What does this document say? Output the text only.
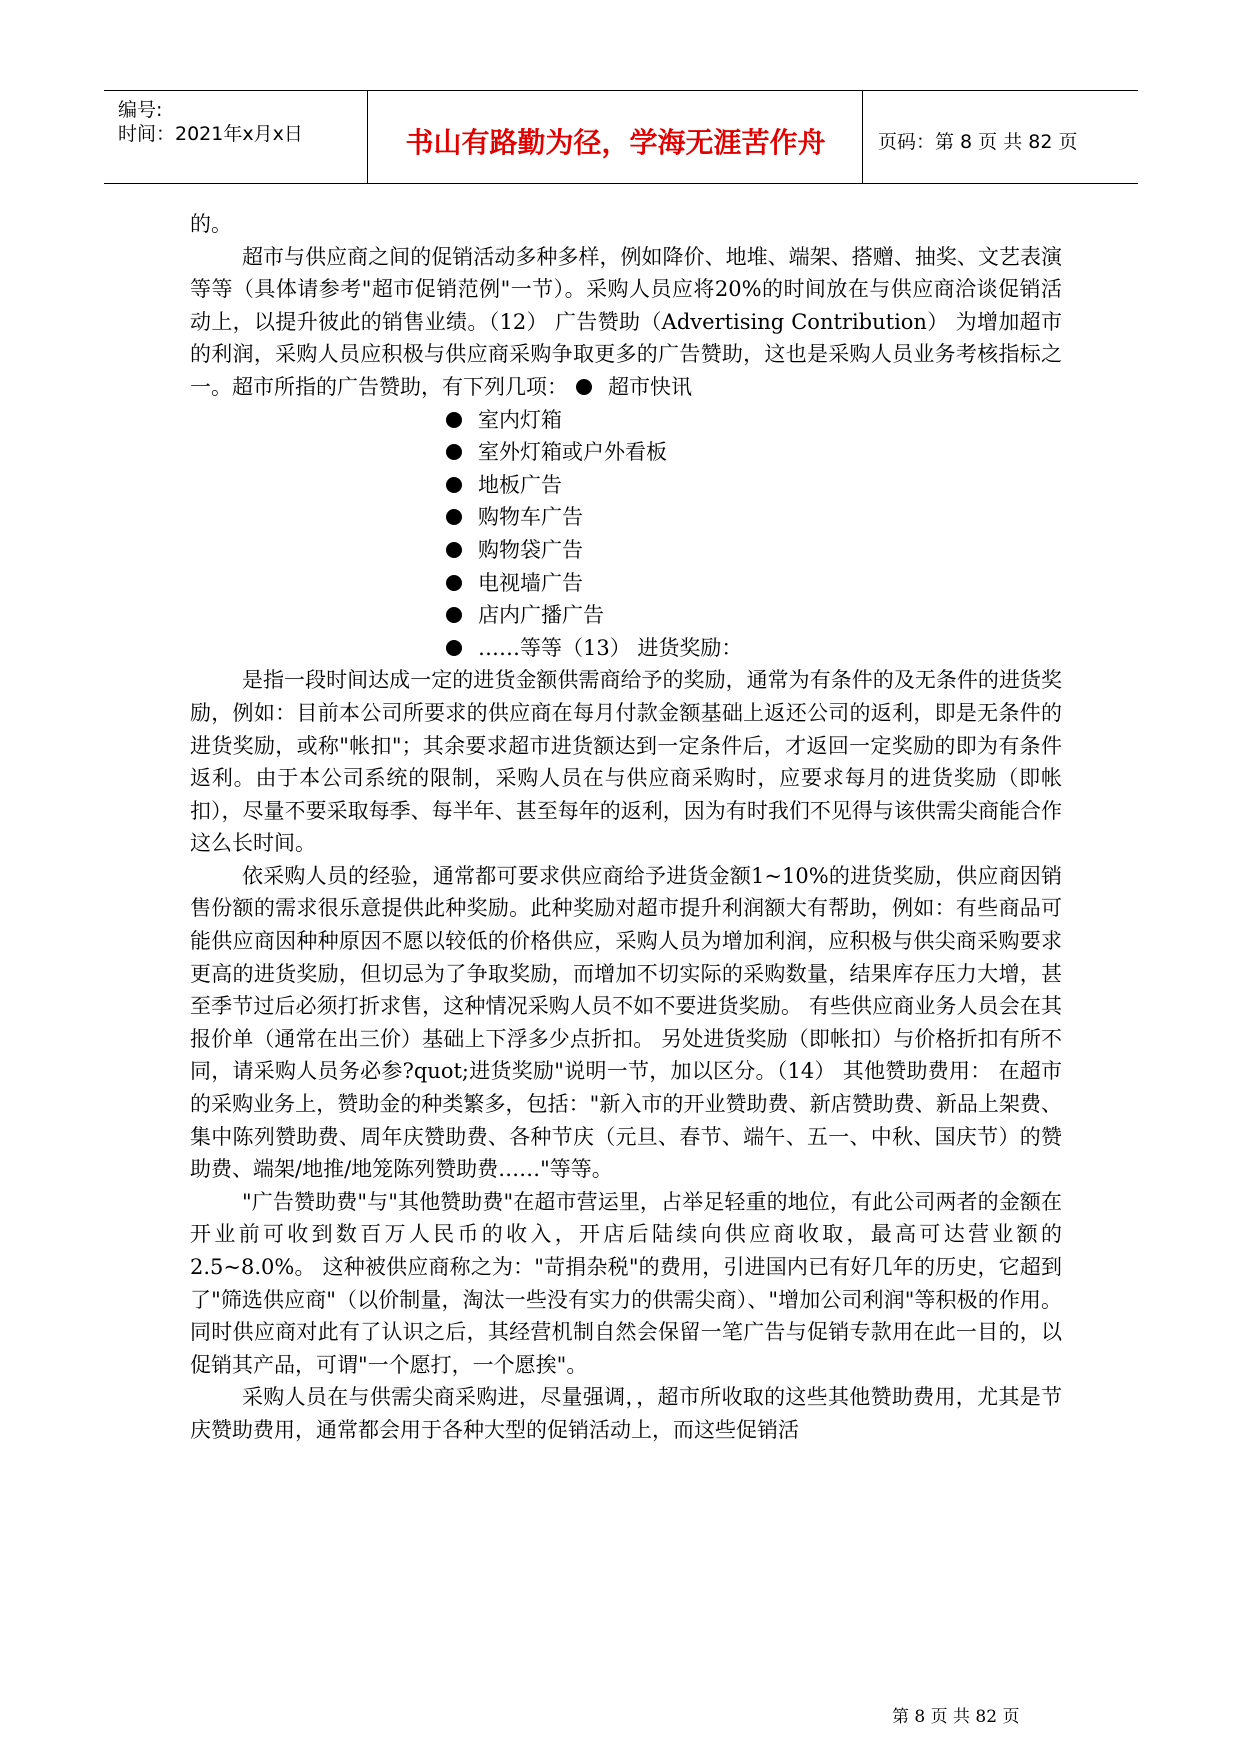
编号:
时间：2021年x月x日	书山有路勤为径，学海无涯苦作舟	页码：第 8 页 共 82 页

的。

超市与供应商之间的促销活动多种多样，例如降价、地堆、端架、搭赠、抽奖、文艺表演等等（具体请参考"超市促销范例"一节）。采购人员应将20%的时间放在与供应商洽谈促销活动上，以提升彼此的销售业绩。（12） 广告赞助（Advertising Contribution） 为增加超市的利润，采购人员应积极与供应商采购争取更多的广告赞助，这也是采购人员业务考核指标之一。超市所指的广告赞助，有下列几项： 超市快讯

室内灯箱
室外灯箱或户外看板
地板广告
购物车广告
购物袋广告
电视墙广告
店内广播广告
……等等（13） 进货奖励：

是指一段时间达成一定的进货金额供需商给予的奖励，通常为有条件的及无条件的进货奖励，例如：目前本公司所要求的供应商在每月付款金额基础上返还公司的返利，即是无条件的进货奖励，或称"帐扣"；其余要求超市进货额达到一定条件后，才返回一定奖励的即为有条件返利。由于本公司系统的限制，采购人员在与供应商采购时，应要求每月的进货奖励（即帐扣），尽量不要采取每季、每半年、甚至每年的返利，因为有时我们不见得与该供需尖商能合作这么长时间。

依采购人员的经验，通常都可要求供应商给予进货金额1~10%的进货奖励，供应商因销售份额的需求很乐意提供此种奖励。此种奖励对超市提升利润额大有帮助，例如：有些商品可能供应商因种种原因不愿以较低的价格供应，采购人员为增加利润，应积极与供尖商采购要求更高的进货奖励，但切忌为了争取奖励，而增加不切实际的采购数量，结果库存压力大增，甚至季节过后必须打折求售，这种情况采购人员不如不要进货奖励。 有些供应商业务人员会在其报价单（通常在出三价）基础上下浮多少点折扣。 另处进货奖励（即帐扣）与价格折扣有所不同，请采购人员务必参?quot;进货奖励"说明一节，加以区分。（14） 其他赞助费用： 在超市的采购业务上，赞助金的种类繁多，包括："新入市的开业赞助费、新店赞助费、新品上架费、集中陈列赞助费、周年庆赞助费、各种节庆（元旦、春节、端午、五一、中秋、国庆节）的赞助费、端架/地推/地笼陈列赞助费……"等等。

"广告赞助费"与"其他赞助费"在超市营运里，占举足轻重的地位，有此公司两者的金额在开业前可收到数百万人民币的收入，开店后陆续向供应商收取，最高可达营业额的2.5~8.0%。 这种被供应商称之为："苛捐杂税"的费用，引进国内已有好几年的历史，它超到了"筛选供应商"（以价制量，淘汰一些没有实力的供需尖商）、"增加公司利润"等积极的作用。同时供应商对此有了认识之后，其经营机制自然会保留一笔广告与促销专款用在此一目的，以促销其产品，可谓"一个愿打，一个愿挨"。

采购人员在与供需尖商采购进，尽量强调，，超市所收取的这些其他赞助费用，尤其是节庆赞助费用，通常都会用于各种大型的促销活动上，而这些促销活

第 8 页 共 82 页
